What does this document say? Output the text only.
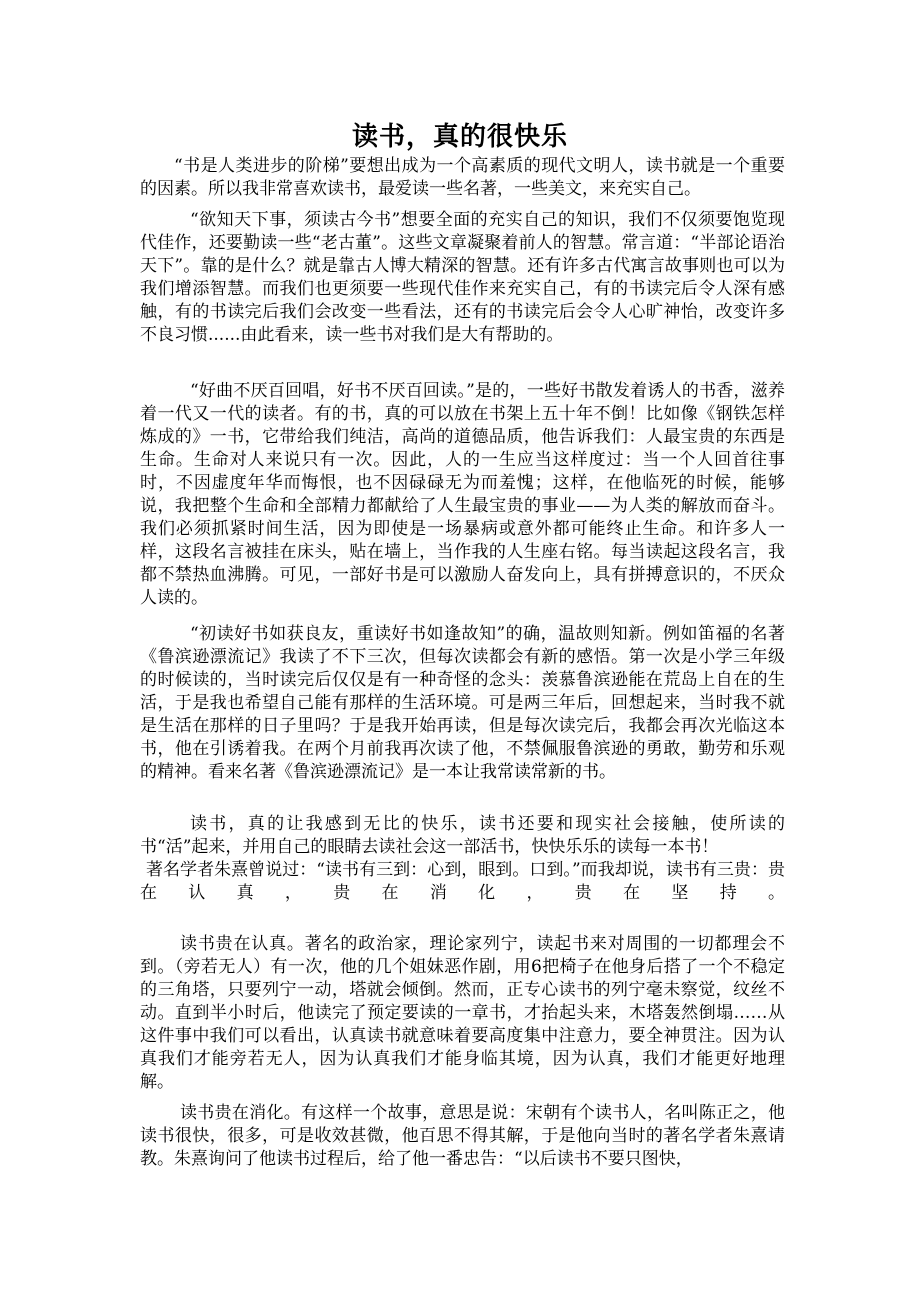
读书，真的很快乐

“书是人类进步的阶梯”要想出成为一个高素质的现代文明人，读书就是一个重要的因素。所以我非常喜欢读书，最爱读一些名著，一些美文，来充实自己。

“欲知天下事，须读古今书”想要全面的充实自己的知识，我们不仅须要饱览现代佳作，还要勤读一些“老古董”。这些文章凝聚着前人的智慧。常言道：“半部论语治天下”。靠的是什么？就是靠古人博大精深的智慧。还有许多古代寓言故事则也可以为我们增添智慧。而我们也更须要一些现代佳作来充实自己，有的书读完后令人深有感触，有的书读完后我们会改变一些看法，还有的书读完后会令人心旷神怡，改变许多不良习惯......由此看来，读一些书对我们是大有帮助的。

“好曲不厌百回唱，好书不厌百回读。”是的，一些好书散发着诱人的书香，滋养着一代又一代的读者。有的书，真的可以放在书架上五十年不倒！比如像《钢铁怎样炼成的》一书，它带给我们纯洁，高尚的道德品质，他告诉我们：人最宝贵的东西是生命。生命对人来说只有一次。因此，人的一生应当这样度过：当一个人回首往事时，不因虚度年华而悔恨，也不因碌碌无为而羞愧；这样，在他临死的时候，能够说，我把整个生命和全部精力都献给了人生最宝贵的事业——为人类的解放而奋斗。我们必须抓紧时间生活，因为即使是一场暴病或意外都可能终止生命。和许多人一样，这段名言被挂在床头，贴在墙上，当作我的人生座右铭。每当读起这段名言，我都不禁热血沸腾。可见，一部好书是可以激励人奋发向上，具有拼搏意识的，不厌众人读的。

“初读好书如获良友，重读好书如逢故知”的确，温故则知新。例如笛福的名著《鲁滨逊漂流记》我读了不下三次，但每次读都会有新的感悟。第一次是小学三年级的时候读的，当时读完后仅仅是有一种奇怪的念头：羡慕鲁滨逊能在荒岛上自在的生活，于是我也希望自己能有那样的生活环境。可是两三年后，回想起来，当时我不就是生活在那样的日子里吗？于是我开始再读，但是每次读完后，我都会再次光临这本书，他在引诱着我。在两个月前我再次读了他，不禁佩服鲁滨逊的勇敢，勤劳和乐观的精神。看来名著《鲁滨逊漂流记》是一本让我常读常新的书。

读书，真的让我感到无比的快乐，读书还要和现实社会接触，使所读的书“活”起来，并用自己的眼睛去读社会这一部活书，快快乐乐的读每一本书！

著名学者朱熹曾说过：“读书有三到：心到，眼到。口到。”而我却说，读书有三贵：贵在认真，贵在消化，贵在坚持。

读书贵在认真。著名的政治家，理论家列宁，读起书来对周围的一切都理会不到。（旁若无人）有一次，他的几个姐妹恶作剧，用6把椅子在他身后搭了一个不稳定的三角塔，只要列宁一动，塔就会倾倒。然而，正专心读书的列宁毫未察觉，纹丝不动。直到半小时后，他读完了预定要读的一章书，才抬起头来，木塔轰然倒塌……从这件事中我们可以看出，认真读书就意味着要高度集中注意力，要全神贯注。因为认真我们才能旁若无人，因为认真我们才能身临其境，因为认真，我们才能更好地理解。

读书贵在消化。有这样一个故事，意思是说：宋朝有个读书人，名叫陈正之，他读书很快，很多，可是收效甚微，他百思不得其解，于是他向当时的著名学者朱熹请教。朱熹询问了他读书过程后，给了他一番忠告：“以后读书不要只图快，
